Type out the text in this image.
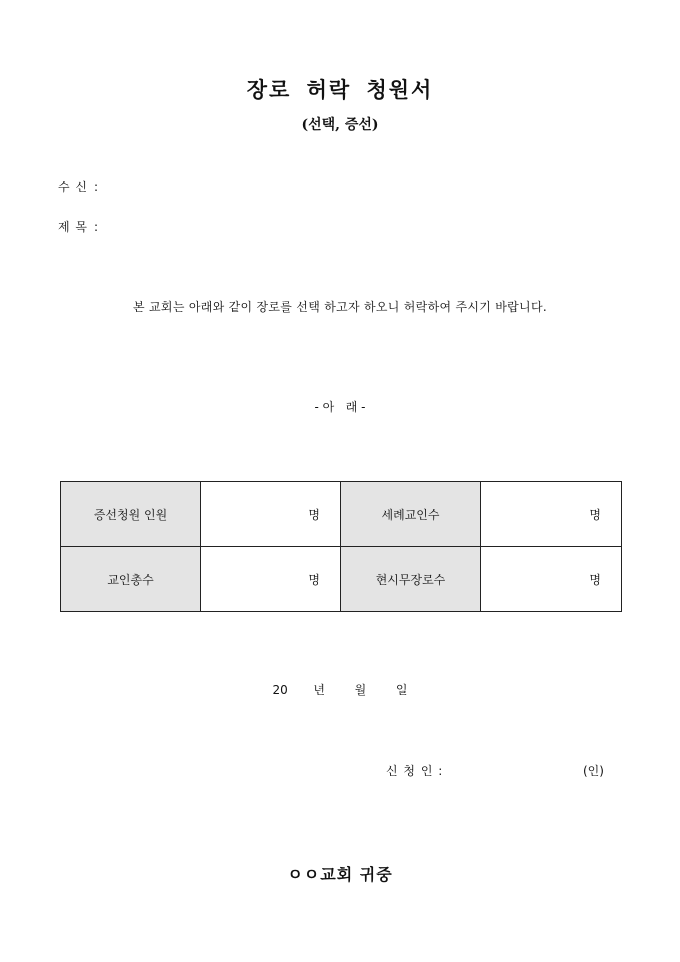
장로 허락 청원서
(선택, 증선)
수 신 :
제 목 :
본 교회는 아래와 같이 장로를 선택 하고자 하오니 허락하여 주시기 바랍니다.
- 아   래 -
증선청원 인원	명	세례교인수	명
교인총수	명	현시무장로수	명
20 년 월 일
신 청 인 :	(인)
ㅇㅇ교회 귀중
